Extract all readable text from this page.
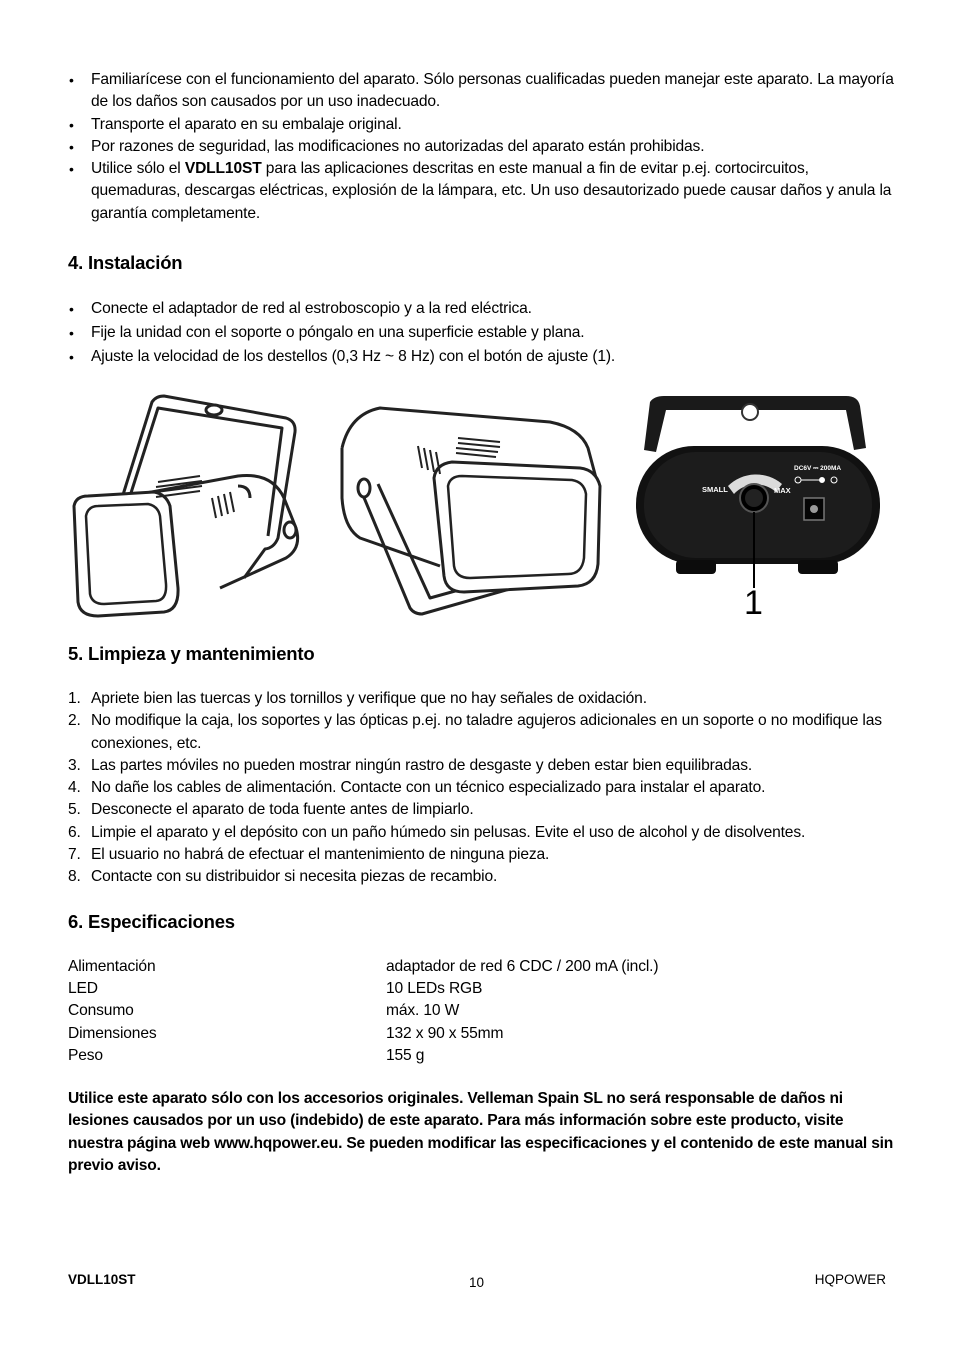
• Familiarícese con el funcionamiento del aparato. Sólo personas cualificadas pueden manejar este aparato. La mayoría de los daños son causados por un uso inadecuado.
• Transporte el aparato en su embalaje original.
• Por razones de seguridad, las modificaciones no autorizadas del aparato están prohibidas.
• Utilice sólo el VDLL10ST para las aplicaciones descritas en este manual a fin de evitar p.ej. cortocircuitos, quemaduras, descargas eléctricas, explosión de la lámpara, etc. Un uso desautorizado puede causar daños y anula la garantía completamente.
4. Instalación
• Conecte el adaptador de red al estroboscopio y a la red eléctrica.
• Fije la unidad con el soporte o póngalo en una superficie estable y plana.
• Ajuste la velocidad de los destellos (0,3 Hz ~ 8 Hz) con el botón de ajuste (1).
SMALL	MAX
DC6V ⎓ 200MA
1
5. Limpieza y mantenimiento
1. Apriete bien las tuercas y los tornillos y verifique que no hay señales de oxidación.
2. No modifique la caja, los soportes y las ópticas p.ej. no taladre agujeros adicionales en un soporte o no modifique las conexiones, etc.
3. Las partes móviles no pueden mostrar ningún rastro de desgaste y deben estar bien equilibradas.
4. No dañe los cables de alimentación. Contacte con un técnico especializado para instalar el aparato.
5. Desconecte el aparato de toda fuente antes de limpiarlo.
6. Limpie el aparato y el depósito con un paño húmedo sin pelusas. Evite el uso de alcohol y de disolventes.
7. El usuario no habrá de efectuar el mantenimiento de ninguna pieza.
8. Contacte con su distribuidor si necesita piezas de recambio.
6. Especificaciones
Alimentación	adaptador de red 6 CDC / 200 mA (incl.)
LED	10 LEDs RGB
Consumo	máx. 10 W
Dimensiones	132 x 90 x 55mm
Peso	155 g

Utilice este aparato sólo con los accesorios originales. Velleman Spain SL no será responsable de daños ni lesiones causados por un uso (indebido) de este aparato. Para más información sobre este producto, visite nuestra página web www.hqpower.eu. Se pueden modificar las especificaciones y el contenido de este manual sin previo aviso.

VDLL10ST	10	HQPOWER
